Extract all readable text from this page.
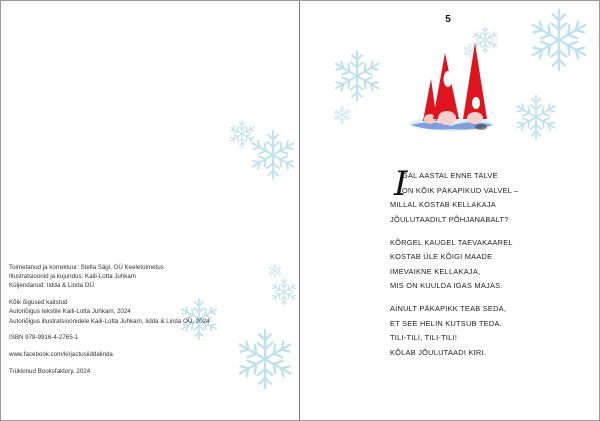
Toimetanud ja korrektuur: Stella Sägi, OÜ Keeletoimetus
Illustratsioonid ja kujundus: Kaili-Lotta Juhkam
Küljendanud: Iidda & Linda OÜ
Kõik õigused kaitstud
Autoriõigus tekstile Kaili-Lotta Juhkam, 2024
Autoriõigus illustratsioonidele Kaili-Lotta Juhkam, Iidda & Linda OÜ, 2024
ISBN 978-9916-4-2765-1
www.facebook.com/kirjactusiiddalinda
Trükkinud Booksfaktory, 2024
5
I
GAL AASTAL ENNE TALVE
ON KÕIK PÄKAPIKUD VALVEL –
MILLAL KOSTAB KELLAKAJA
JÕULUTAADILT PÕHJANABALT?
KÕRGEL KAUGEL TAEVAKAAREL
KOSTAB ÜLE KÕIGI MAADE
IMEVAIKNE KELLAKAJA,
MIS ON KUULDA IGAS MAJAS.
AINULT PÄKAPIKK TEAB SEDA,
ET SEE HELIN KUTSUB TEDA.
TILI-TILI, TILI-TILI!
KÕLAB JÕULUTAADI KIRI.
